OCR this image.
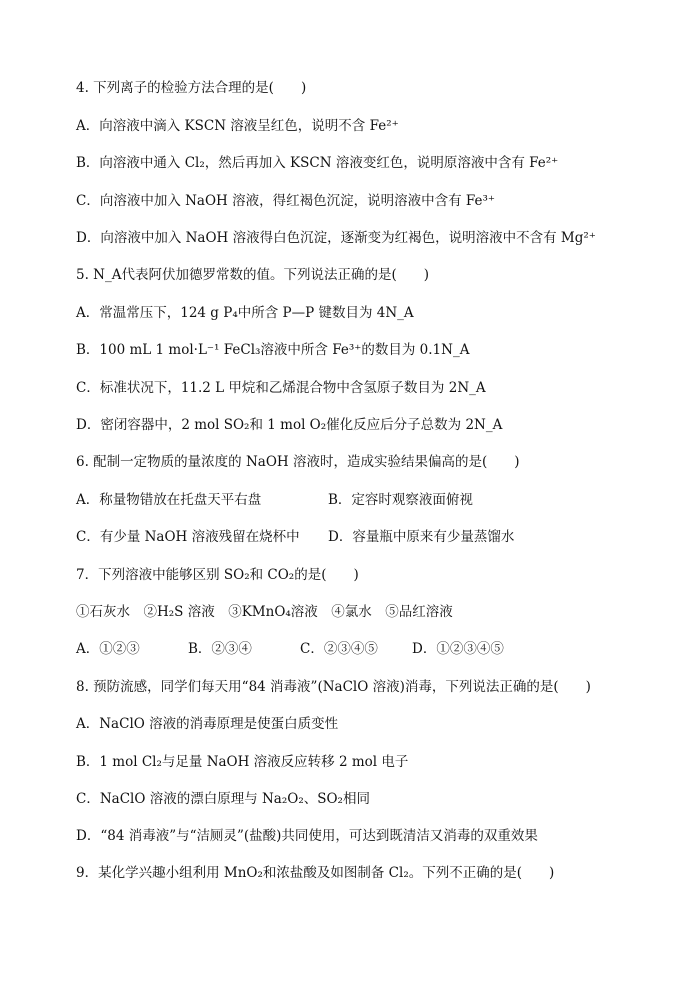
4. 下列离子的检验方法合理的是(　　)
A．向溶液中滴入 KSCN 溶液呈红色，说明不含 Fe²⁺
B．向溶液中通入 Cl₂，然后再加入 KSCN 溶液变红色，说明原溶液中含有 Fe²⁺
C．向溶液中加入 NaOH 溶液，得红褐色沉淀，说明溶液中含有 Fe³⁺
D．向溶液中加入 NaOH 溶液得白色沉淀，逐渐变为红褐色，说明溶液中不含有 Mg²⁺
5. N_A代表阿伏加德罗常数的值。下列说法正确的是(　　)
A．常温常压下，124 g P₄中所含 P—P 键数目为 4N_A
B．100 mL 1 mol·L⁻¹ FeCl₃溶液中所含 Fe³⁺的数目为 0.1N_A
C．标准状况下，11.2 L 甲烷和乙烯混合物中含氢原子数目为 2N_A
D．密闭容器中，2 mol SO₂和 1 mol O₂催化反应后分子总数为 2N_A
6. 配制一定物质的量浓度的 NaOH 溶液时，造成实验结果偏高的是(　　)
A．称量物错放在托盘天平右盘	B．定容时观察液面俯视
C．有少量 NaOH 溶液残留在烧杯中	D．容量瓶中原来有少量蒸馏水
7．下列溶液中能够区别 SO₂和 CO₂的是(　　)
①石灰水　②H₂S 溶液　③KMnO₄溶液　④氯水　⑤品红溶液
A．①②③	B．②③④	C．②③④⑤	D．①②③④⑤
8. 预防流感，同学们每天用“84 消毒液”(NaClO 溶液)消毒，下列说法正确的是(　　)
A．NaClO 溶液的消毒原理是使蛋白质变性
B．1 mol Cl₂与足量 NaOH 溶液反应转移 2 mol 电子
C．NaClO 溶液的漂白原理与 Na₂O₂、SO₂相同
D．“84 消毒液”与“洁厕灵”(盐酸)共同使用，可达到既清洁又消毒的双重效果
9．某化学兴趣小组利用 MnO₂和浓盐酸及如图制备 Cl₂。下列不正确的是(　　)
